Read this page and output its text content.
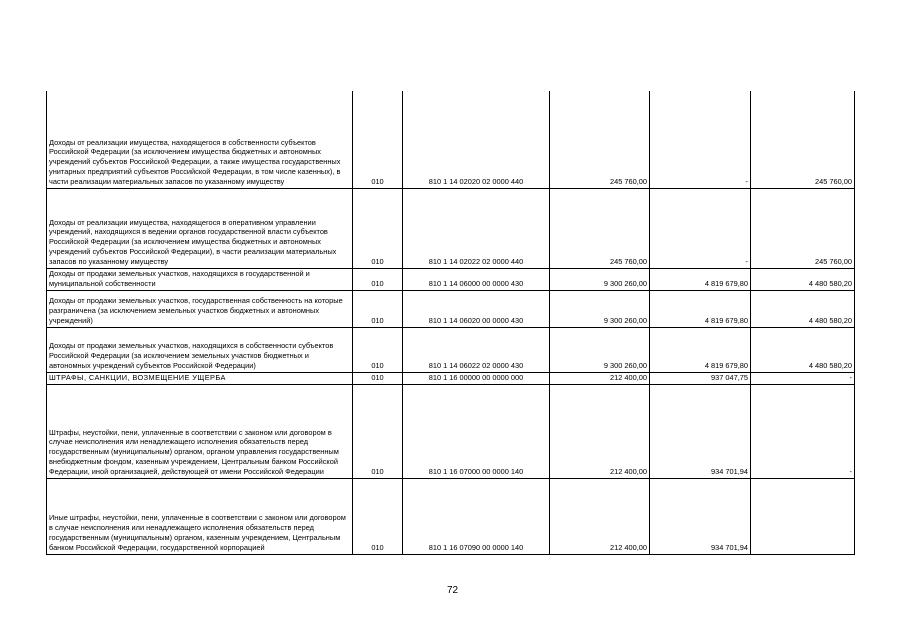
Доходы от реализации имущества, находящегося в собственности субъектов Российской Федерации (за исключением имущества бюджетных и автономных учреждений субъектов Российской Федерации, а также имущества государственных унитарных предприятий субъектов Российской Федерации, в том числе казенных), в части реализации материальных запасов по указанному имуществу	010	810 1 14 02020 02 0000 440	245 760,00	-	245 760,00
Доходы от реализации имущества, находящегося в оперативном управлении учреждений, находящихся в ведении органов государственной власти субъектов Российской Федерации (за исключением имущества бюджетных и автономных учреждений субъектов Российской Федерации), в части реализации материальных запасов по указанному имуществу	010	810 1 14 02022 02 0000 440	245 760,00	-	245 760,00
Доходы от продажи земельных участков, находящихся в государственной и муниципальной собственности	010	810 1 14 06000 00 0000 430	9 300 260,00	4 819 679,80	4 480 580,20
Доходы от продажи земельных участков, государственная собственность на которые разграничена (за исключением земельных участков бюджетных и автономных учреждений)	010	810 1 14 06020 00 0000 430	9 300 260,00	4 819 679,80	4 480 580,20
Доходы от продажи земельных участков, находящихся в собственности субъектов Российской Федерации (за исключением земельных участков бюджетных и автономных учреждений субъектов Российской Федерации)	010	810 1 14 06022 02 0000 430	9 300 260,00	4 819 679,80	4 480 580,20
ШТРАФЫ, САНКЦИИ, ВОЗМЕЩЕНИЕ УЩЕРБА	010	810 1 16 00000 00 0000 000	212 400,00	937 047,75	-
Штрафы, неустойки, пени, уплаченные в соответствии с законом или договором в случае неисполнения или ненадлежащего исполнения обязательств перед государственным (муниципальным) органом, органом управления государственным внебюджетным фондом, казенным учреждением, Центральным банком Российской Федерации, иной организацией, действующей от имени Российской Федерации	010	810 1 16 07000 00 0000 140	212 400,00	934 701,94	-
Иные штрафы, неустойки, пени, уплаченные в соответствии с законом или договором в случае неисполнения или ненадлежащего исполнения обязательств перед государственным (муниципальным) органом, казенным учреждением, Центральным банком Российской Федерации, государственной корпорацией	010	810 1 16 07090 00 0000 140	212 400,00	934 701,94	
72
